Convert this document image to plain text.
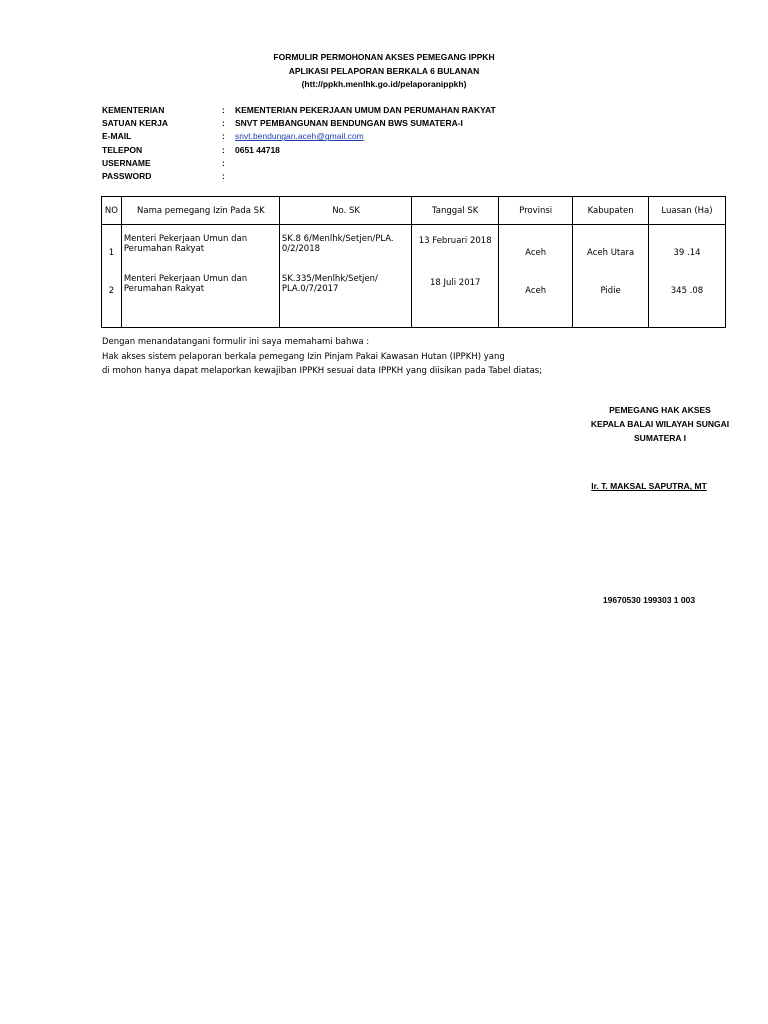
FORMULIR PERMOHONAN AKSES PEMEGANG IPPKH
APLIKASI PELAPORAN BERKALA 6 BULANAN
(htt://ppkh.menlhk.go.id/pelaporanippkh)
KEMENTERIAN	:	KEMENTERIAN PEKERJAAN UMUM DAN PERUMAHAN RAKYAT
SATUAN KERJA	:	SNVT PEMBANGUNAN BENDUNGAN BWS SUMATERA-I
E-MAIL	:	snvt.bendungan.aceh@gmail.com
TELEPON	:	0651 44718
USERNAME	:
PASSWORD	:
NO	Nama pemegang Izin Pada SK	No. SK	Tanggal SK	Provinsi	Kabupaten	Luasan (Ha)

1	Menteri Pekerjaan Umun dan
Perumahan Rakyat	SK.8 6/Menlhk/Setjen/PLA.
0/2/2018	13 Februari 2018	Aceh	Aceh Utara	39 .14

2	Menteri Pekerjaan Umun dan
Perumahan Rakyat	SK.335/Menlhk/Setjen/
PLA.0/7/2017	18 Juli 2017	Aceh	Pidie	345 .08
Dengan menandatangani formulir ini saya memahami bahwa :
Hak akses sistem pelaporan berkala pemegang Izin Pinjam Pakai Kawasan Hutan (IPPKH) yang
di mohon hanya dapat melaporkan kewajiban IPPKH sesuai data IPPKH yang diisikan pada Tabel diatas;
PEMEGANG HAK AKSES
KEPALA BALAI WILAYAH SUNGAI
SUMATERA I
Ir. T. MAKSAL SAPUTRA, MT
19670530 199303 1 003
